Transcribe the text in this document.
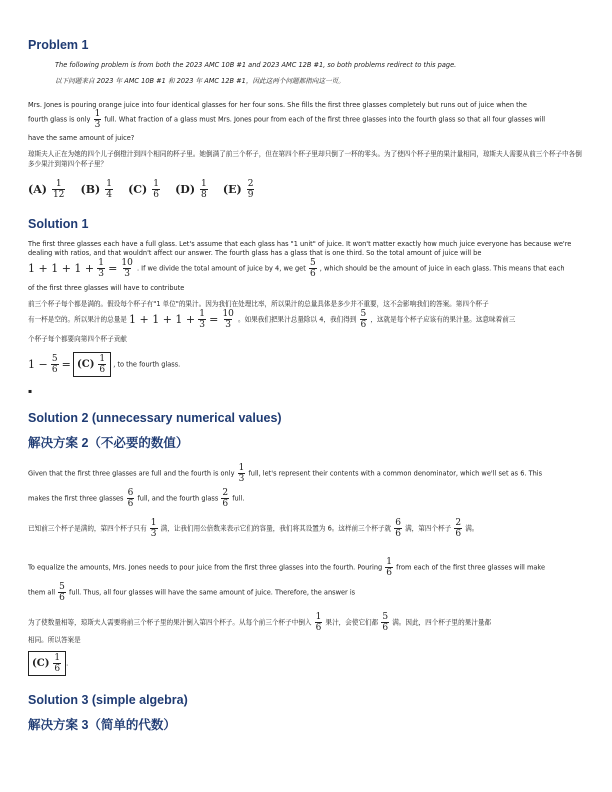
Problem 1
The following problem is from both the 2023 AMC 10B #1 and 2023 AMC 12B #1, so both problems redirect to this page.
以下问题来自 2023 年 AMC 10B #1 和 2023 年 AMC 12B #1，因此这两个问题都指向这一页。
Mrs. Jones is pouring orange juice into four identical glasses for her four sons. She fills the first three glasses completely but runs out of juice when the
fourth glass is only $\frac{1}{3}$ full. What fraction of a glass must Mrs. Jones pour from each of the first three glasses into the fourth glass so that all four glasses will
have the same amount of juice?
琼斯夫人正在为她的四个儿子倒橙汁到四个相同的杯子里。她倒满了前三个杯子，但在第四个杯子里却只倒了一杯的零头。为了使四个杯子里的果汁量相同，琼斯夫人需要从前三个杯子中各倒多少果汁到第四个杯子里？
$(A) \frac{1}{12}$
$(B) \frac{1}{4}$
$(C) \frac{1}{6}$
$(D) \frac{1}{8}$
$(E) \frac{2}{9}$
Solution 1
The first three glasses each have a full glass. Let's assume that each glass has "1 unit" of juice. It won't matter exactly how much juice everyone has because we're dealing with ratios, and that wouldn't affect our answer. The fourth glass has a glass that is one third. So the total amount of juice will be
$1 + 1 + 1 + \frac{1}{3} = \frac{10}{3}$ . If we divide the total amount of juice by 4, we get $\frac{5}{6}$ , which should be the amount of juice in each glass. This means that each
of the first three glasses will have to contribute
前三个杯子每个都是满的。假设每个杯子有"1 单位"的果汁。因为我们在处理比率，所以果汁的总量具体是多少并不重要，这不会影响我们的答案。第四个杯子
有一杯是空的。所以果汁的总量是 $1 + 1 + 1 + \frac{1}{3} = \frac{10}{3}$ 。如果我们把果汁总量除以 4，我们得到 $\frac{5}{6}$ ，这就是每个杯子应该有的果汁量。这意味着前三
个杯子每个都要向第四个杯子贡献
$1 - \frac{5}{6} = (C) \frac{1}{6}$ , to the fourth glass.
▪
Solution 2 (unnecessary numerical values)
解决方案 2（不必要的数值）
Given that the first three glasses are full and the fourth is only $\frac{1}{3}$ full, let's represent their contents with a common denominator, which we'll set as 6. This
makes the first three glasses $\frac{6}{6}$ full, and the fourth glass $\frac{2}{6}$ full.
已知前三个杯子是满的，第四个杯子只有 $\frac{1}{3}$ 满，让我们用公倍数来表示它们的容量，我们将其设置为 6。这样前三个杯子就 $\frac{6}{6}$ 满，第四个杯子 $\frac{2}{6}$ 满。
To equalize the amounts, Mrs. Jones needs to pour juice from the first three glasses into the fourth. Pouring $\frac{1}{6}$ from each of the first three glasses will make
them all $\frac{5}{6}$ full. Thus, all four glasses will have the same amount of juice. Therefore, the answer is
为了使数量相等，琼斯夫人需要将前三个杯子里的果汁倒入第四个杯子。从每个前三个杯子中倒入 $\frac{1}{6}$ 果汁，会使它们都 $\frac{5}{6}$ 满。因此，四个杯子里的果汁量都
相同。所以答案是
$(C) \frac{1}{6}$ .
Solution 3 (simple algebra)
解决方案 3（简单的代数）
